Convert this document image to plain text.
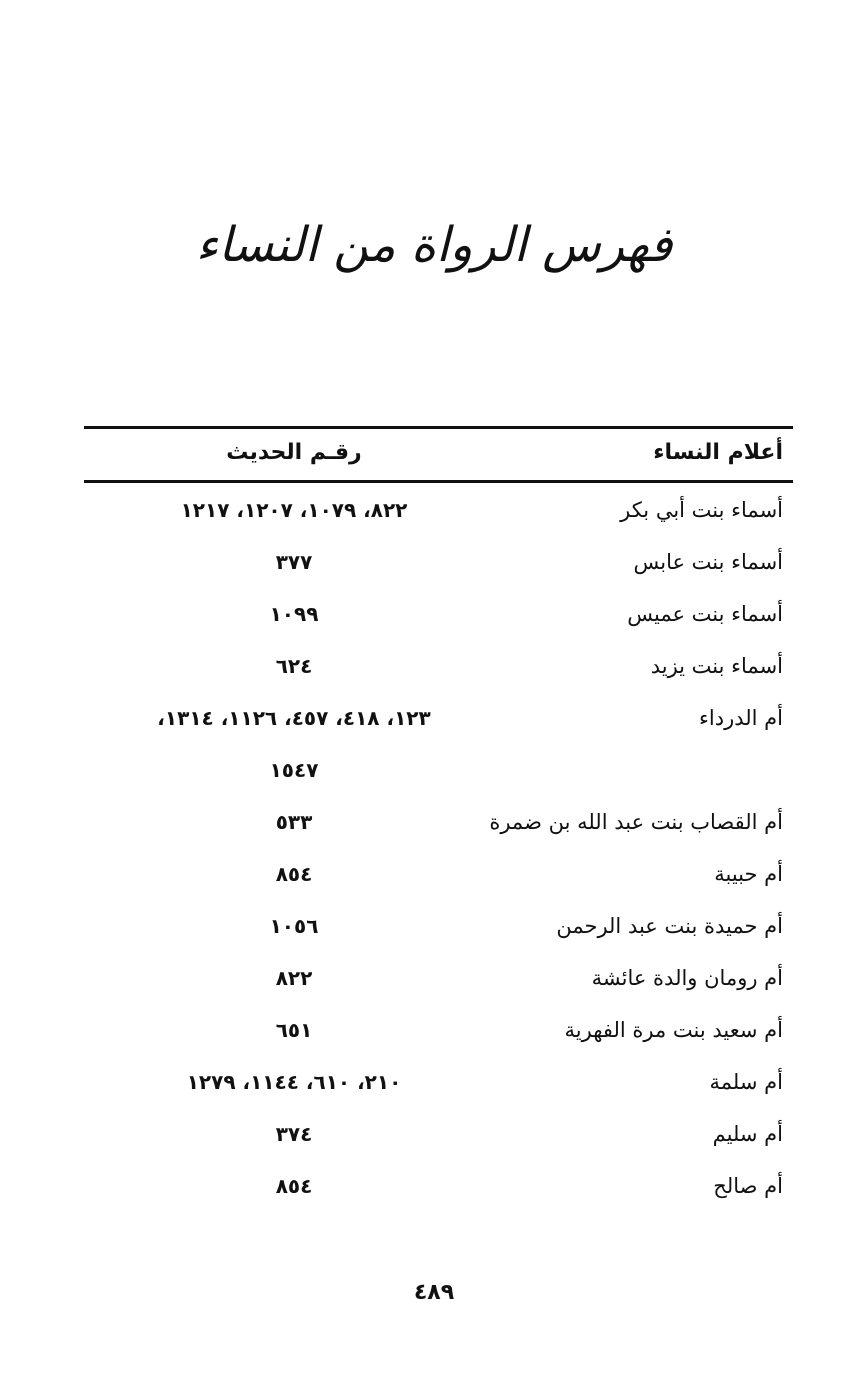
فهرس الرواة من النساء
أعلام النساء
رقـم الحديث
أسماء بنت أبي بكر
٨٢٢، ١٠٧٩، ١٢٠٧، ١٢١٧
أسماء بنت عابس
٣٧٧
أسماء بنت عميس
١٠٩٩
أسماء بنت يزيد
٦٢٤
أم الدرداء
١٢٣، ٤١٨، ٤٥٧، ١١٢٦، ١٣١٤،
١٥٤٧
أم القصاب بنت عبد الله بن ضمرة
٥٣٣
أم حبيبة
٨٥٤
أم حميدة بنت عبد الرحمن
١٠٥٦
أم رومان والدة عائشة
٨٢٢
أم سعيد بنت مرة الفهرية
٦٥١
أم سلمة
٢١٠، ٦١٠، ١١٤٤، ١٢٧٩
أم سليم
٣٧٤
أم صالح
٨٥٤
٤٨٩
